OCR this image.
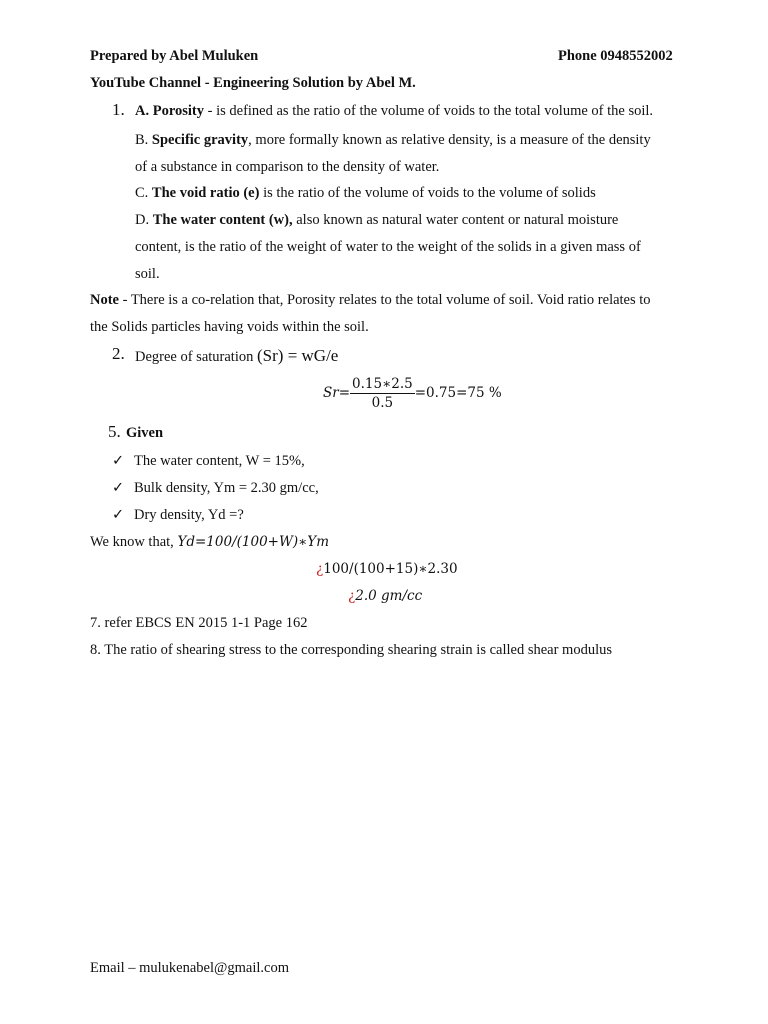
Prepared by Abel Muluken	Phone 0948552002
YouTube Channel - Engineering Solution by Abel M.
1. A. Porosity - is defined as the ratio of the volume of voids to the total volume of the soil.
B. Specific gravity, more formally known as relative density, is a measure of the density
of a substance in comparison to the density of water.
C. The void ratio (e) is the ratio of the volume of voids to the volume of solids
D. The water content (w), also known as natural water content or natural moisture
content, is the ratio of the weight of water to the weight of the solids in a given mass of
soil.
Note - There is a co-relation that, Porosity relates to the total volume of soil. Void ratio relates to
the Solids particles having voids within the soil.
2. Degree of saturation (Sr) = wG/e
$Sr= \frac{0.15∗2.5}{0.5} =0.75=75$ %
5. Given
✓ The water content, W = 15%,
✓ Bulk density, Ym = 2.30 gm/cc,
✓ Dry density, Yd =?
We know that, Yd=100/(100+W)∗Ym
¿100/(100+15)∗2.30
¿2.0 gm/cc
7. refer EBCS EN 2015 1-1 Page 162
8. The ratio of shearing stress to the corresponding shearing strain is called shear modulus
Email – mulukenabel@gmail.com
